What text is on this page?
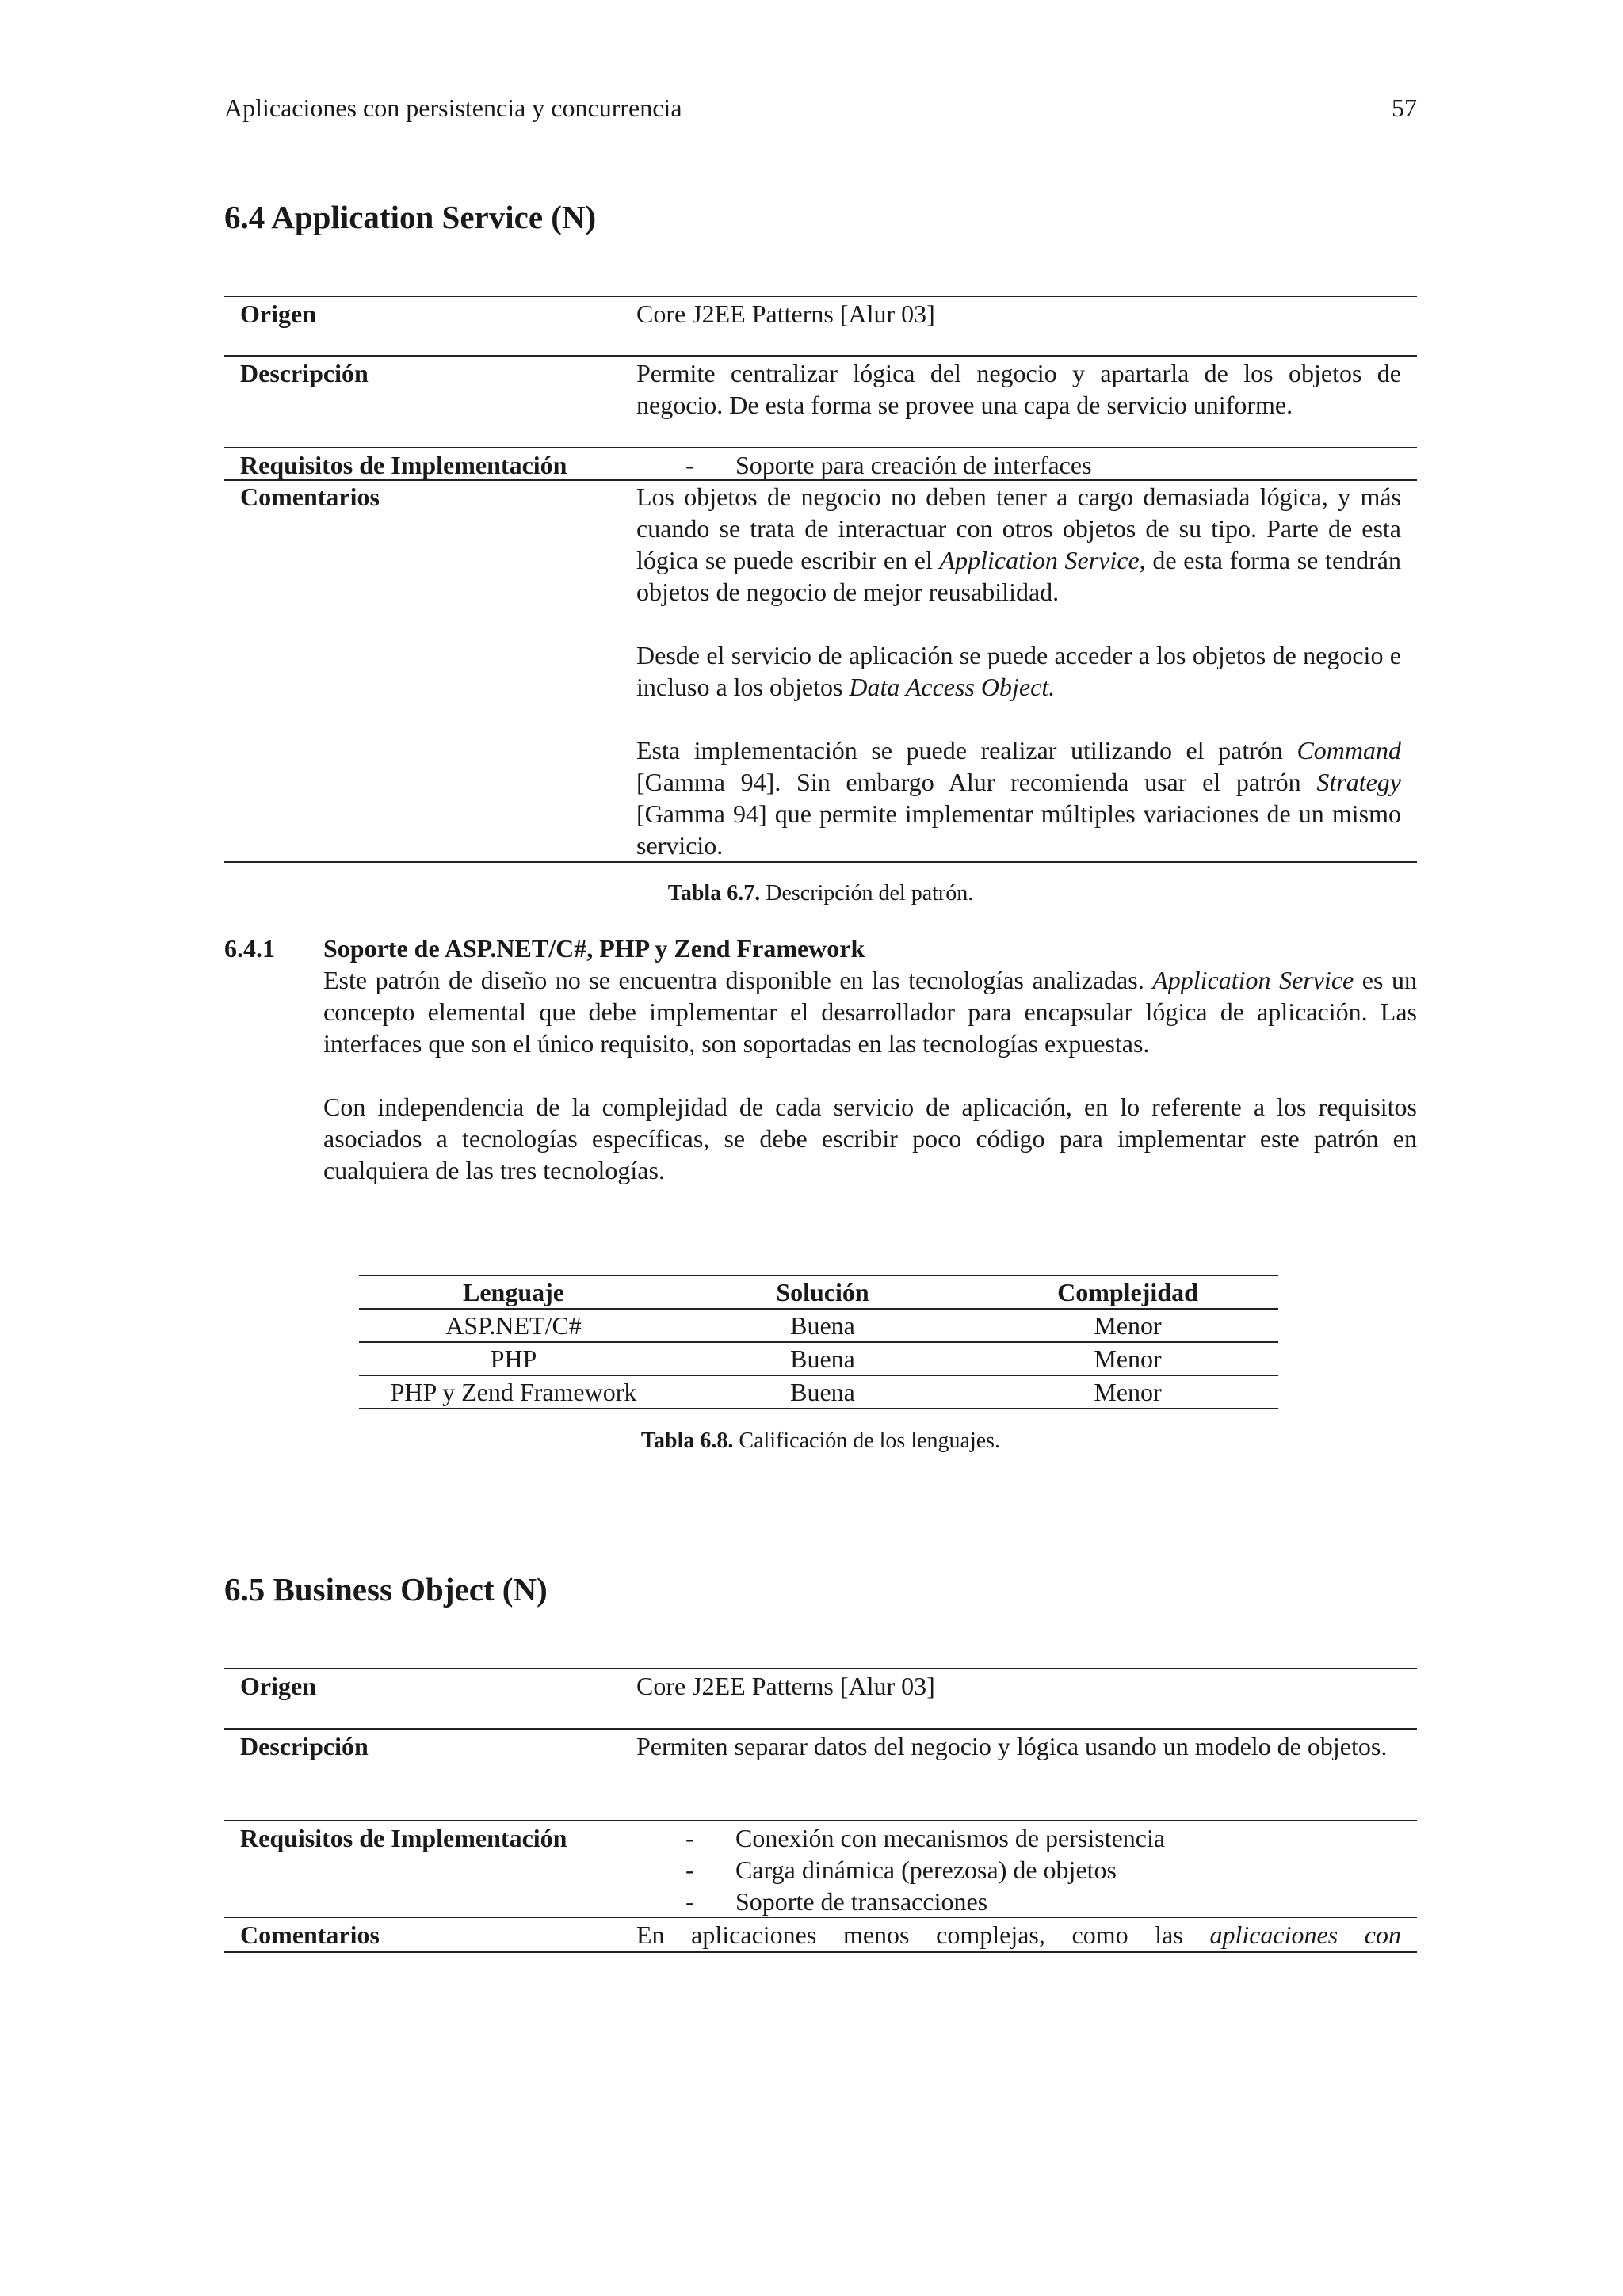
Aplicaciones con persistencia y concurrencia	57
6.4 Application Service (N)
Origen	Core J2EE Patterns [Alur 03]
Descripción	Permite centralizar lógica del negocio y apartarla de los objetos de negocio. De esta forma se provee una capa de servicio uniforme.
Requisitos de Implementación	- Soporte para creación de interfaces
Comentarios	Los objetos de negocio no deben tener a cargo demasiada lógica, y más cuando se trata de interactuar con otros objetos de su tipo. Parte de esta lógica se puede escribir en el Application Service, de esta forma se tendrán objetos de negocio de mejor reusabilidad.

Desde el servicio de aplicación se puede acceder a los objetos de negocio e incluso a los objetos Data Access Object.

Esta implementación se puede realizar utilizando el patrón Command [Gamma 94]. Sin embargo Alur recomienda usar el patrón Strategy [Gamma 94] que permite implementar múltiples variaciones de un mismo servicio.

Tabla 6.7. Descripción del patrón.
6.4.1 Soporte de ASP.NET/C#, PHP y Zend Framework

Este patrón de diseño no se encuentra disponible en las tecnologías analizadas. Application Service es un concepto elemental que debe implementar el desarrollador para encapsular lógica de aplicación. Las interfaces que son el único requisito, son soportadas en las tecnologías expuestas.

Con independencia de la complejidad de cada servicio de aplicación, en lo referente a los requisitos asociados a tecnologías específicas, se debe escribir poco código para implementar este patrón en cualquiera de las tres tecnologías.

Lenguaje	Solución	Complejidad
ASP.NET/C#	Buena	Menor
PHP	Buena	Menor
PHP y Zend Framework	Buena	Menor
Tabla 6.8. Calificación de los lenguajes.
6.5 Business Object (N)
Origen	Core J2EE Patterns [Alur 03]
Descripción	Permiten separar datos del negocio y lógica usando un modelo de objetos.
Requisitos de Implementación	- Conexión con mecanismos de persistencia
- Carga dinámica (perezosa) de objetos
- Soporte de transacciones
Comentarios	En aplicaciones menos complejas, como las aplicaciones con
